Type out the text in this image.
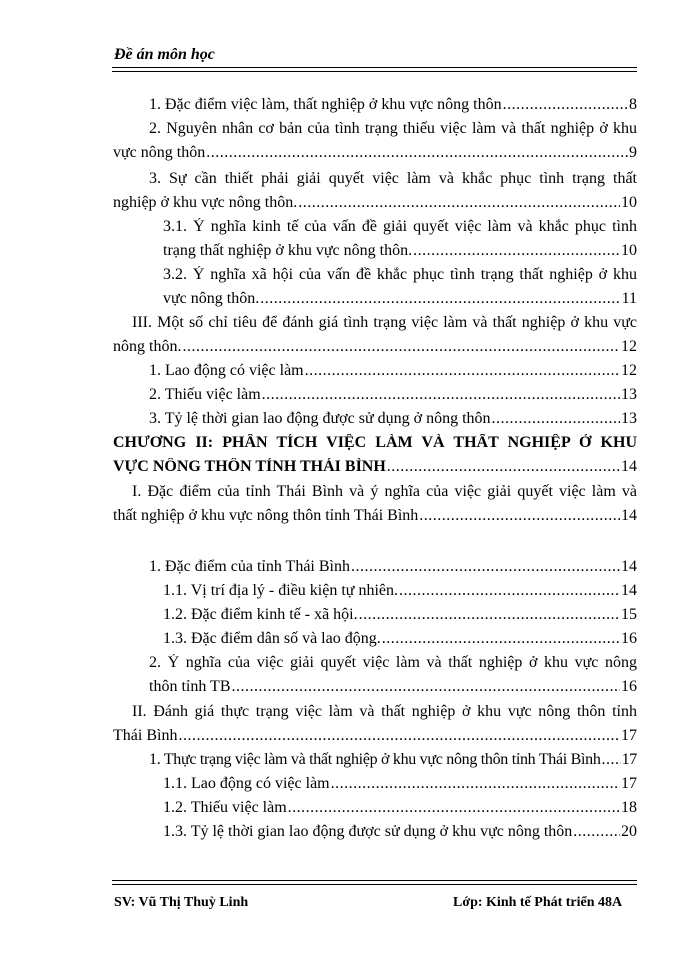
Đề án môn học
1. Đặc điểm việc làm, thất nghiệp ở khu vực nông thôn .....	8
2. Nguyên nhân cơ bản của tình trạng thiếu việc làm và thất nghiệp ở khu
vực nông thôn .....	9
3. Sự cần thiết phải giải quyết việc làm và khắc phục tình trạng thất
nghiệp ở khu vực nông thôn. .....	10
3.1. Ý nghĩa kinh tế của vấn đề giải quyết việc làm và khắc phục tình
trạng thất nghiệp ở khu vực nông thôn. .....	10
3.2. Ý nghĩa xã hội của vấn đề khắc phục tình trạng thất nghiệp ở khu
vực nông thôn. .....	11
III. Một số chỉ tiêu để đánh giá tình trạng việc làm và thất nghiệp ở khu vực
nông thôn. .....	12
1. Lao động có việc làm .....	12
2. Thiếu việc làm .....	13
3. Tỷ lệ thời gian lao động được sử dụng ở nông thôn .....	13
CHƯƠNG II: PHÂN TÍCH VIỆC LÀM VÀ THẤT NGHIỆP Ở KHU
VỰC NÔNG THÔN TỈNH THÁI BÌNH .....	14
I. Đặc điểm của tỉnh Thái Bình và ý nghĩa của việc giải quyết việc làm và
thất nghiệp ở khu vực nông thôn tỉnh Thái Bình .....	14
1. Đặc điểm của tỉnh Thái Bình .....	14
1.1. Vị trí địa lý - điều kiện tự nhiên. .....	14
1.2. Đặc điểm kinh tế - xã hội. .....	15
1.3. Đặc điểm dân số và lao động. .....	16
2. Ý nghĩa của việc giải quyết việc làm và thất nghiệp ở khu vực nông
thôn tỉnh TB .....	16
II. Đánh giá thực trạng việc làm và thất nghiệp ở khu vực nông thôn tỉnh
Thái Bình .....	17
1. Thực trạng việc làm và thất nghiệp ở khu vực nông thôn tỉnh Thái Bình ..... 17
1.1. Lao động có việc làm .....	17
1.2. Thiếu việc làm .....	18
1.3. Tỷ lệ thời gian lao động được sử dụng ở khu vực nông thôn .....	20
SV: Vũ Thị Thuỳ Linh	Lớp: Kinh tế Phát triển 48A
